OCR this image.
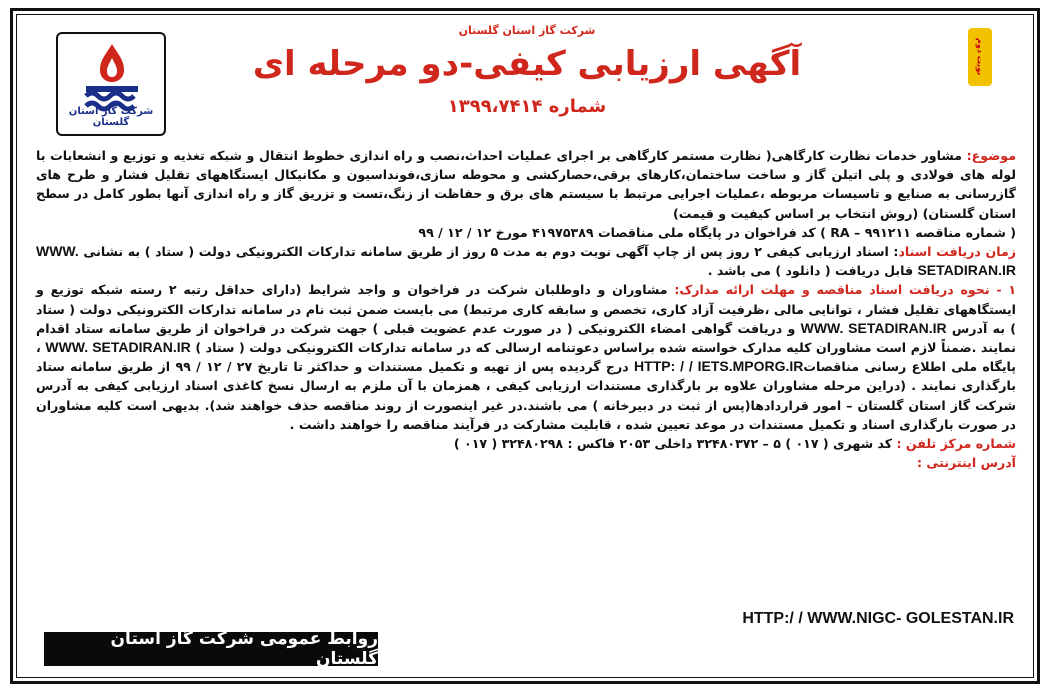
شرکت گاز استان گلستان
نوبت دوم
شرکت گاز استان گلستان
آگهی ارزیابی کیفی-دو مرحله ای
شماره ۱۳۹۹،۷۴۱۴

موضوع: مشاور خدمات نظارت کارگاهی( نظارت مستمر کارگاهی بر اجرای عملیات احداث،نصب و راه اندازی خطوط انتقال و شبکه تغذیه و توزیع و انشعابات با لوله های فولادی و پلی اتیلن گاز و ساخت ساختمان،کارهای برقی،حصارکشی و محوطه سازی،فونداسیون و مکانیکال ایستگاههای تقلیل فشار و طرح های گازرسانی به صنایع و تاسیسات مربوطه ،عملیات اجرایی مرتبط با سیستم های برق و حفاظت از زنگ،تست و تزریق گاز و راه اندازی آنها بطور کامل در سطح استان گلستان) (روش انتخاب بر اساس کیفیت و قیمت)

( شماره مناقصه ۹۹۱۲۱۱ – RA ) کد فراخوان در پایگاه ملی مناقصات ۴۱۹۷۵۳۸۹ مورخ ۱۲ / ۱۲ / ۹۹

زمان دریافت اسناد: اسناد ارزیابی کیفی ۲ روز پس از چاپ آگهی نوبت دوم به مدت ۵ روز از طریق سامانه تدارکات الکترونیکی دولت ( ستاد ) به نشانی WWW. SETADIRAN.IR قابل دریافت ( دانلود ) می باشد .

۱ - نحوه دریافت اسناد مناقصه و مهلت ارائه مدارک: مشاوران و داوطلبان شرکت در فراخوان و واجد شرایط (دارای حداقل رتبه ۲ رسته شبکه توزیع و ایستگاههای تقلیل فشار ، توانایی مالی ،ظرفیت آزاد کاری، تخصص و سابقه کاری مرتبط) می بایست ضمن ثبت نام در سامانه تدارکات الکترونیکی دولت ( ستاد ) به آدرس WWW. SETADIRAN.IR و دریافت گواهی امضاء الکترونیکی ( در صورت عدم عضویت قبلی ) جهت شرکت در فراخوان از طریق سامانه ستاد اقدام نمایند .ضمناً لازم است مشاوران کلیه مدارک خواسته شده براساس دعوتنامه ارسالی که در سامانه تدارکات الکترونیکی دولت ( ستاد ) WWW. SETADIRAN.IR ، پایگاه ملی اطلاع رسانی مناقصاتHTTP: / / IETS.MPORG.IR درج گردیده پس از تهیه و تکمیل مستندات و حداکثر تا تاریخ ۲۷ / ۱۲ / ۹۹ از طریق سامانه ستاد بارگذاری نمایند . (دراین مرحله مشاوران علاوه بر بارگذاری مستندات ارزیابی کیفی ، همزمان با آن ملزم به ارسال نسخ کاغذی اسناد ارزیابی کیفی به آدرس شرکت گاز استان گلستان – امور قراردادها(پس از ثبت در دبیرخانه ) می باشند.در غیر اینصورت از روند مناقصه حذف خواهند شد). بدیهی است کلیه مشاوران در صورت بارگذاری اسناد و تکمیل مستندات در موعد تعیین شده ، قابلیت مشارکت در فرآیند مناقصه را خواهند داشت .

شماره مرکز تلفن : کد شهری ( ۰۱۷ ) ۵ – ۳۲۴۸۰۳۷۲ داخلی ۲۰۵۳ فاکس : ۳۲۴۸۰۲۹۸ ( ۰۱۷ )

آدرس اینترنتی :

HTTP:/ / WWW.NIGC- GOLESTAN.IR
روابط عمومی شرکت گاز استان گلستان
